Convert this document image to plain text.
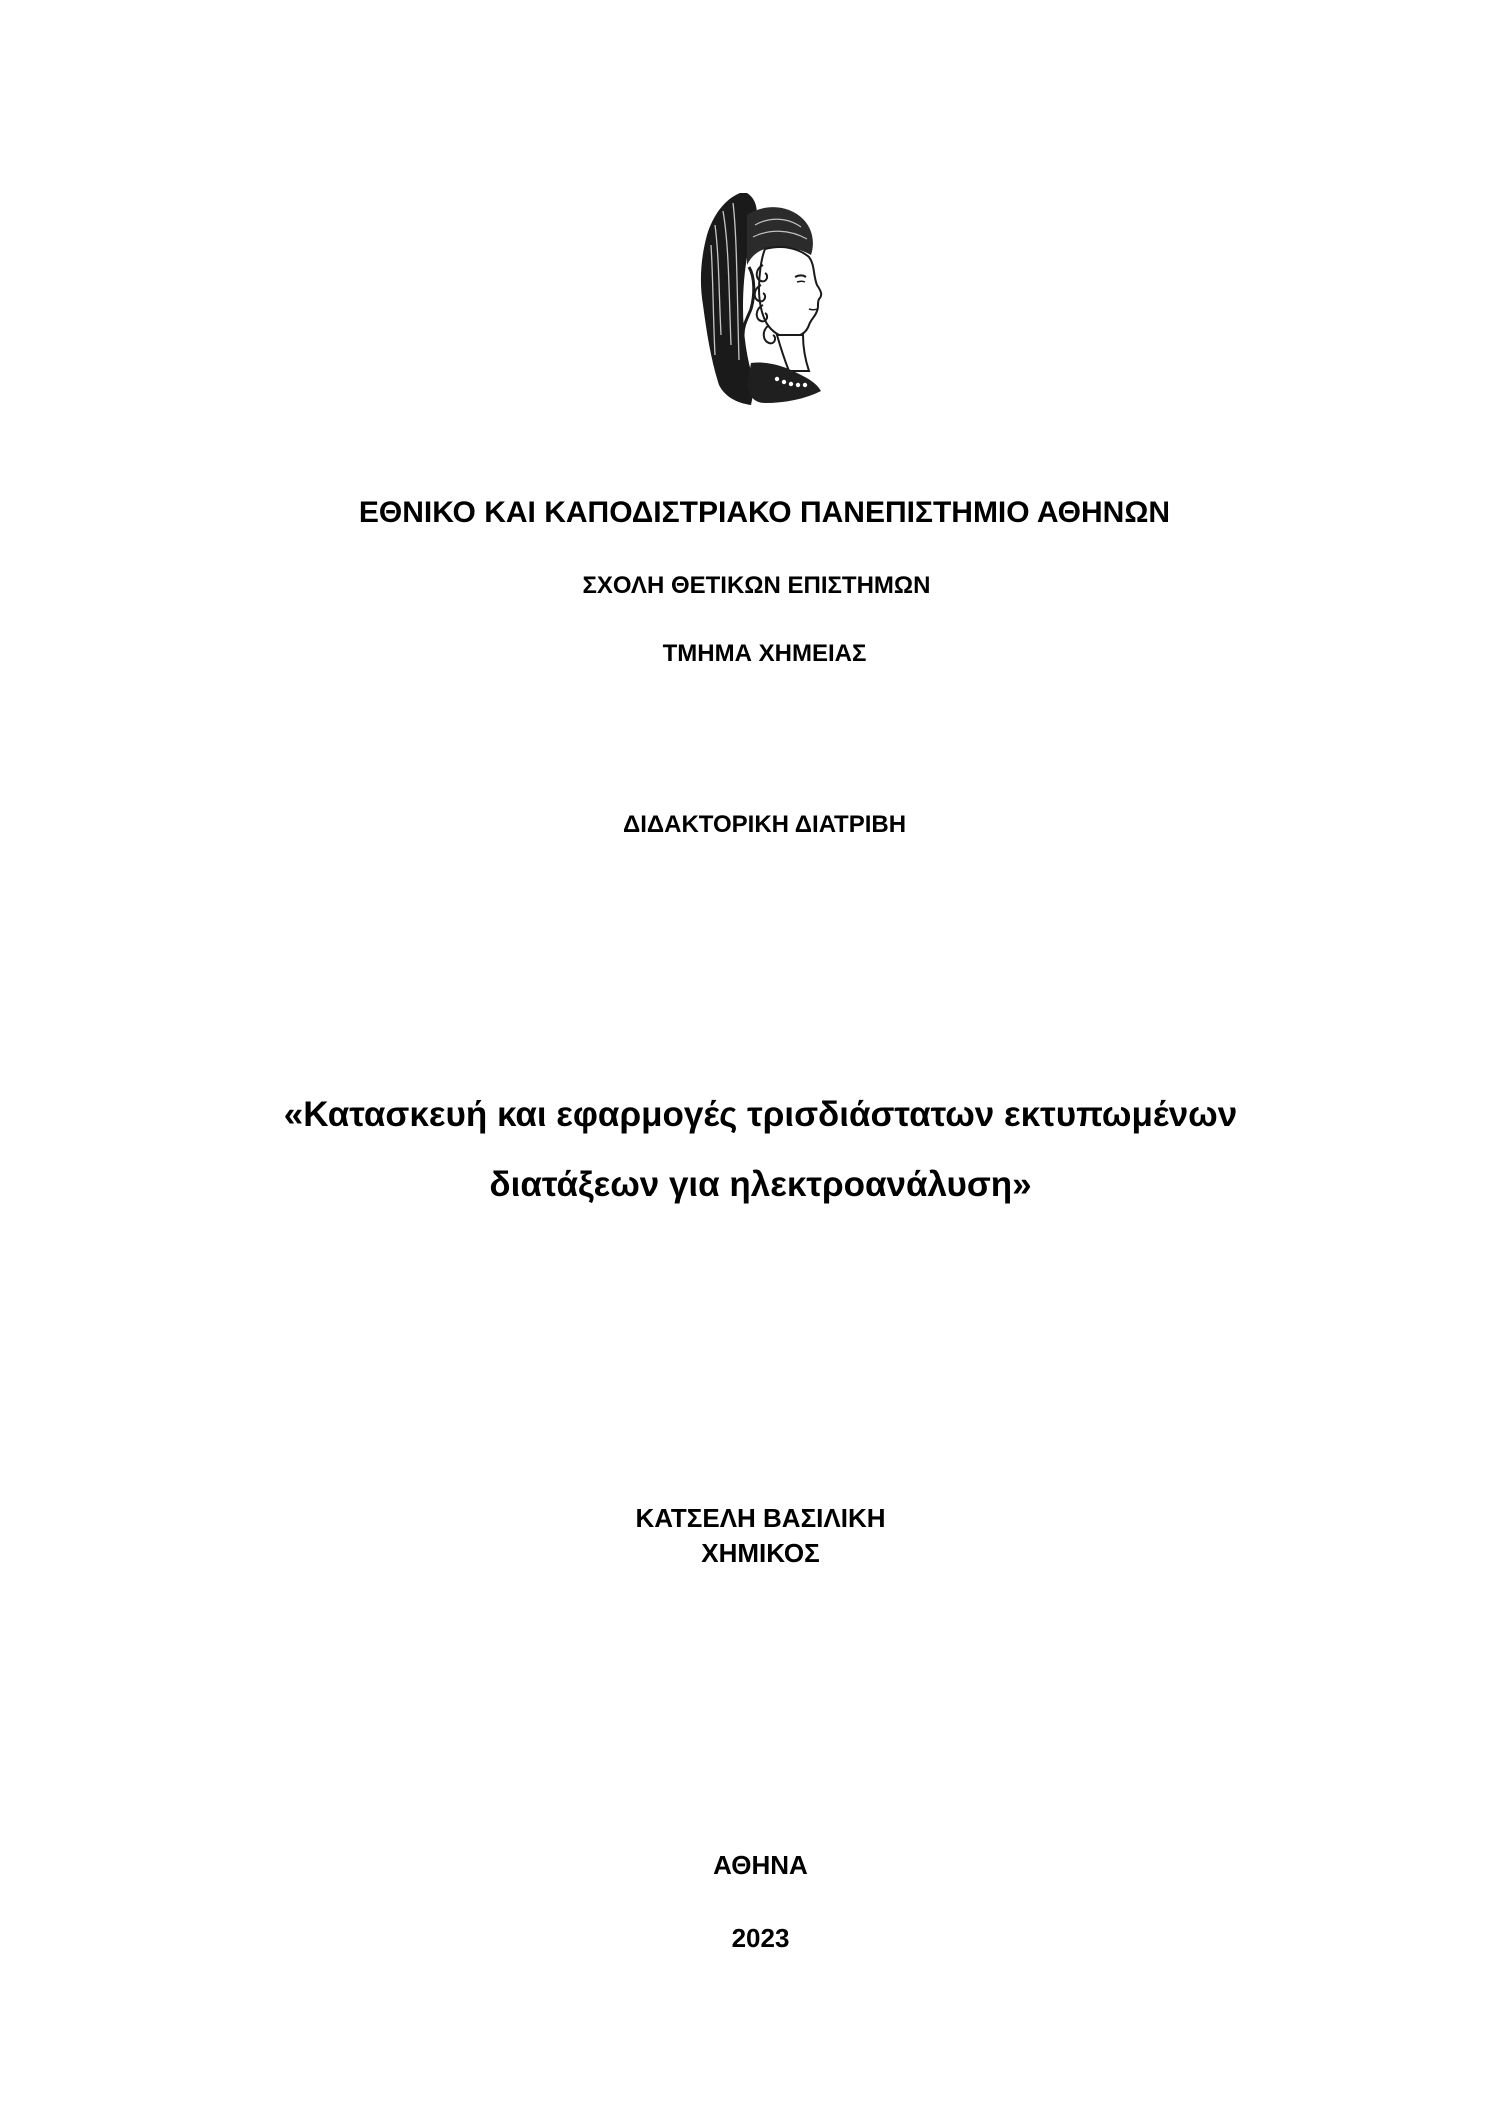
ΕΘΝΙΚΟ ΚΑΙ ΚΑΠΟΔΙΣΤΡΙΑΚΟ ΠΑΝΕΠΙΣΤΗΜΙΟ ΑΘΗΝΩΝ
ΣΧΟΛΗ ΘΕΤΙΚΩΝ ΕΠΙΣΤΗΜΩΝ
ΤΜΗΜΑ ΧΗΜΕΙΑΣ
ΔΙΔΑΚΤΟΡΙΚΗ ΔΙΑΤΡΙΒΗ
«Κατασκευή και εφαρμογές τρισδιάστατων εκτυπωμένων
διατάξεων για ηλεκτροανάλυση»
ΚΑΤΣΕΛΗ ΒΑΣΙΛΙΚΗ
ΧΗΜΙΚΟΣ
ΑΘΗΝΑ
2023
